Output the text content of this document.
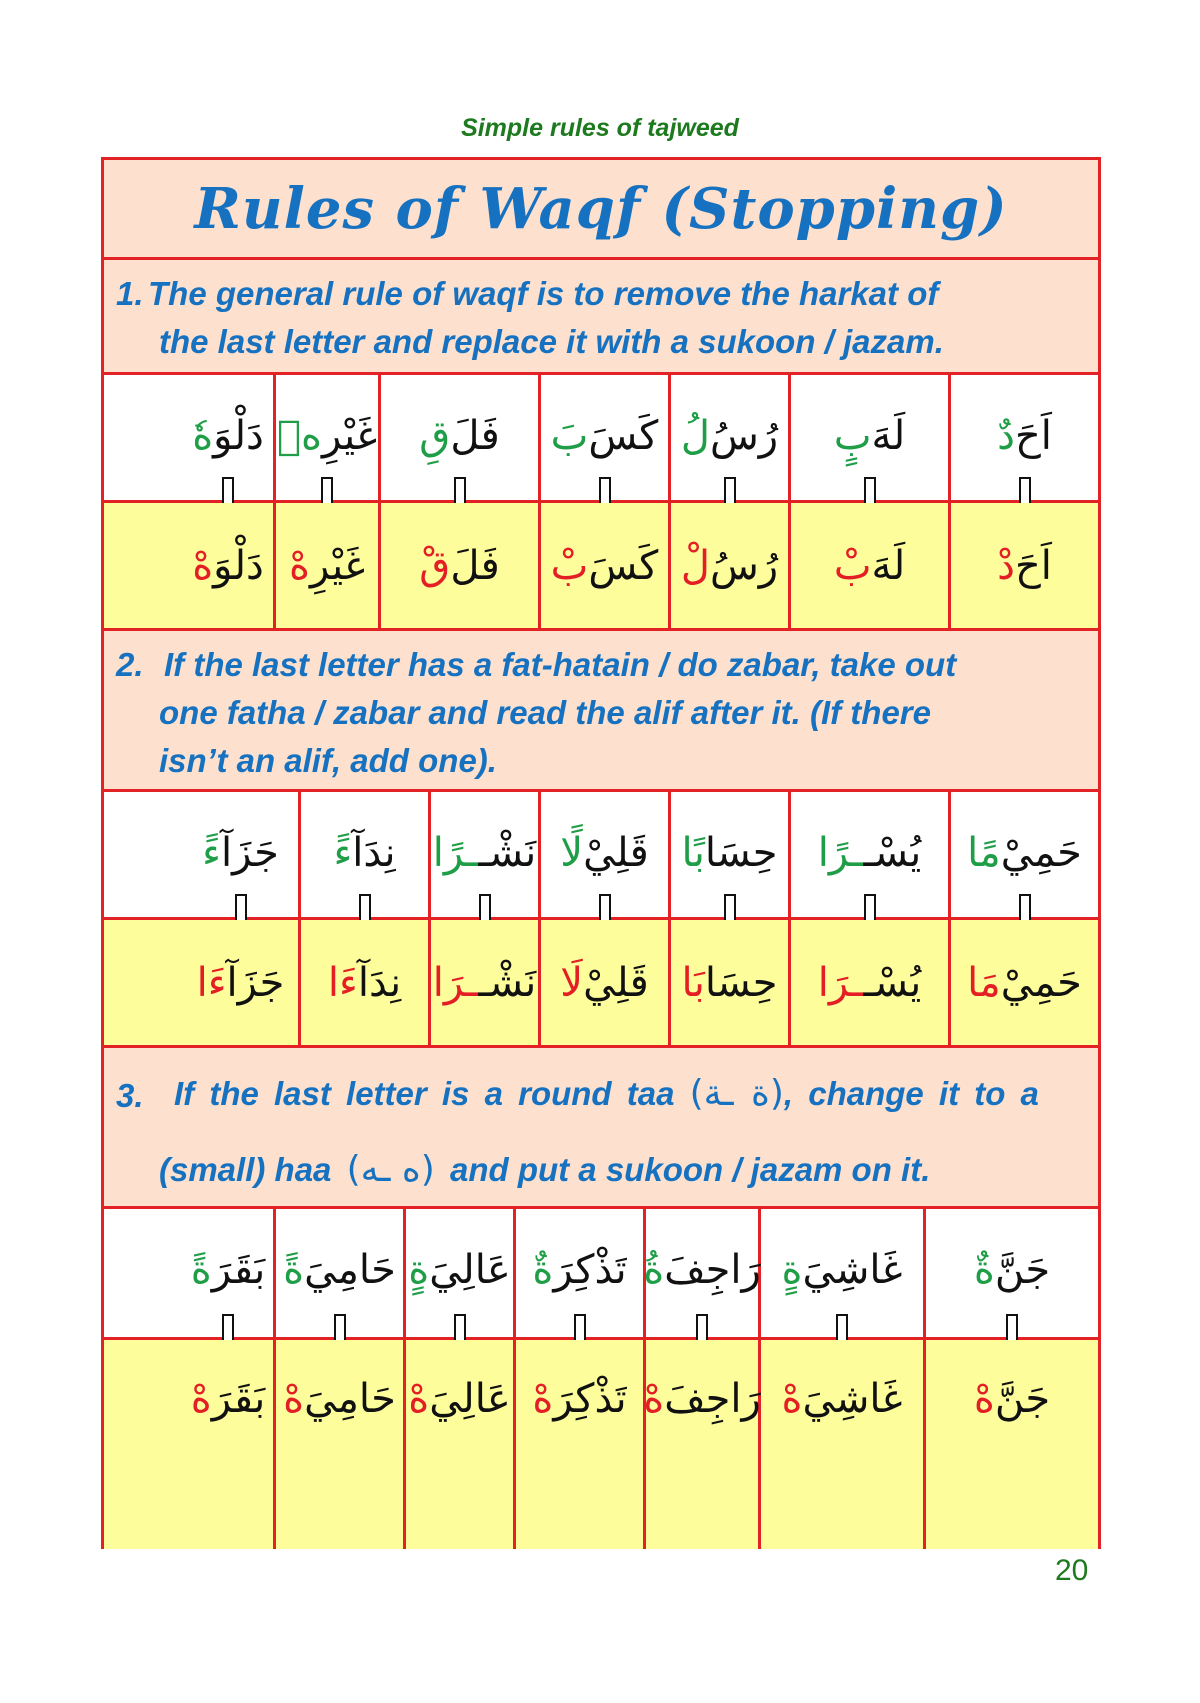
Simple rules of tajweed
Rules of Waqf (Stopping)
1. The general rule of waqf is to remove the harkat of
the last letter and replace it with a sukoon / jazam.
اَحَ
دٌ
لَهَ
بٍ
رُسُ
لُ
كَسَ
بَ
فَلَ
قِ
غَيْرِ
هٖ
دَلْوَ
هٗ
اَحَ
دْ
لَهَ
بْ
رُسُ
لْ
كَسَ
بْ
فَلَ
قْ
غَيْرِ
هْ
دَلْوَ
هْ
2. If the last letter has a fat-hatain / do zabar, take out
one fatha / zabar and read the alif after it. (If there
isn’t an alif, add one).
حَمِيْ
مًا
يُسْـ
ـرًا
حِسَا
بًا
قَلِيْ
لًا
نَشْـ
ـرًا
نِدَآ
ءً
جَزَآ
ءً
حَمِيْ
مَا
يُسْـ
ـرَا
حِسَا
بَا
قَلِيْ
لَا
نَشْـ
ـرَا
نِدَآ
ءَا
جَزَآ
ءَا
3. If the last letter is a round taa (ة ـة), change it to a
(small) haa (ه ـه) and put a sukoon / jazam on it.
جَنَّ
ةٌ
غَاشِيَ
ةٍ
رَاجِفَ
ةُ
تَذْكِرَ
ةٌ
عَالِيَ
ةٍ
حَامِيَ
ةً
بَقَرَ
ةً
جَنَّ
هْ
غَاشِيَ
هْ
رَاجِفَ
هْ
تَذْكِرَ
هْ
عَالِيَ
هْ
حَامِيَ
هْ
بَقَرَ
هْ
20
